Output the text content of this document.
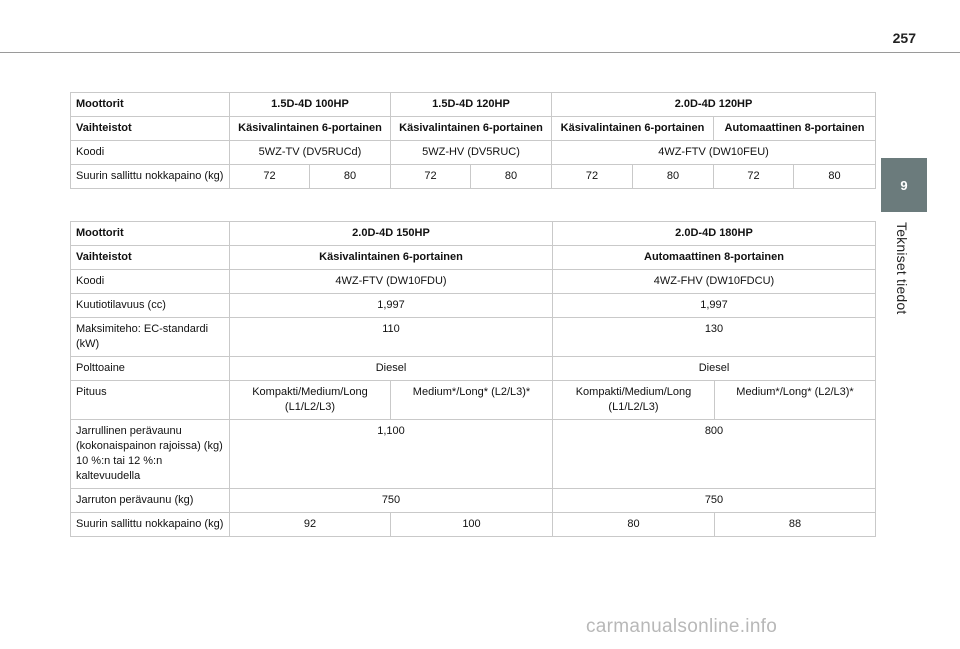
257
9
Tekniset tiedot
Moottorit	1.5D-4D 100HP		1.5D-4D 120HP		2.0D-4D 120HP			
Vaihteistot	Käsivalintainen 6-portainen		Käsivalintainen 6-portainen		Käsivalintainen 6-portainen		Automaattinen 8-portainen	
Koodi	5WZ-TV (DV5RUCd)		5WZ-HV (DV5RUC)		4WZ-FTV (DW10FEU)			
Suurin sallittu nokkapaino (kg)	72	80	72	80	72	80	72	80
Moottorit	2.0D-4D 150HP		2.0D-4D 180HP	
Vaihteistot	Käsivalintainen 6-portainen		Automaattinen 8-portainen	
Koodi	4WZ-FTV (DW10FDU)		4WZ-FHV (DW10FDCU)	
Kuutiotilavuus (cc)	1,997		1,997	
Maksimiteho: EC-standardi (kW)	110		130	
Polttoaine	Diesel		Diesel	
Pituus	Kompakti/Medium/Long (L1/L2/L3)	Medium*/Long* (L2/L3)*	Kompakti/Medium/Long (L1/L2/L3)	Medium*/Long* (L2/L3)*
Jarrullinen perävaunu (kokonaispainon rajoissa) (kg) 10 %:n tai 12 %:n kaltevuudella	1,100		800	
Jarruton perävaunu (kg)	750		750	
Suurin sallittu nokkapaino (kg)	92	100	80	88
carmanualsonline.info
